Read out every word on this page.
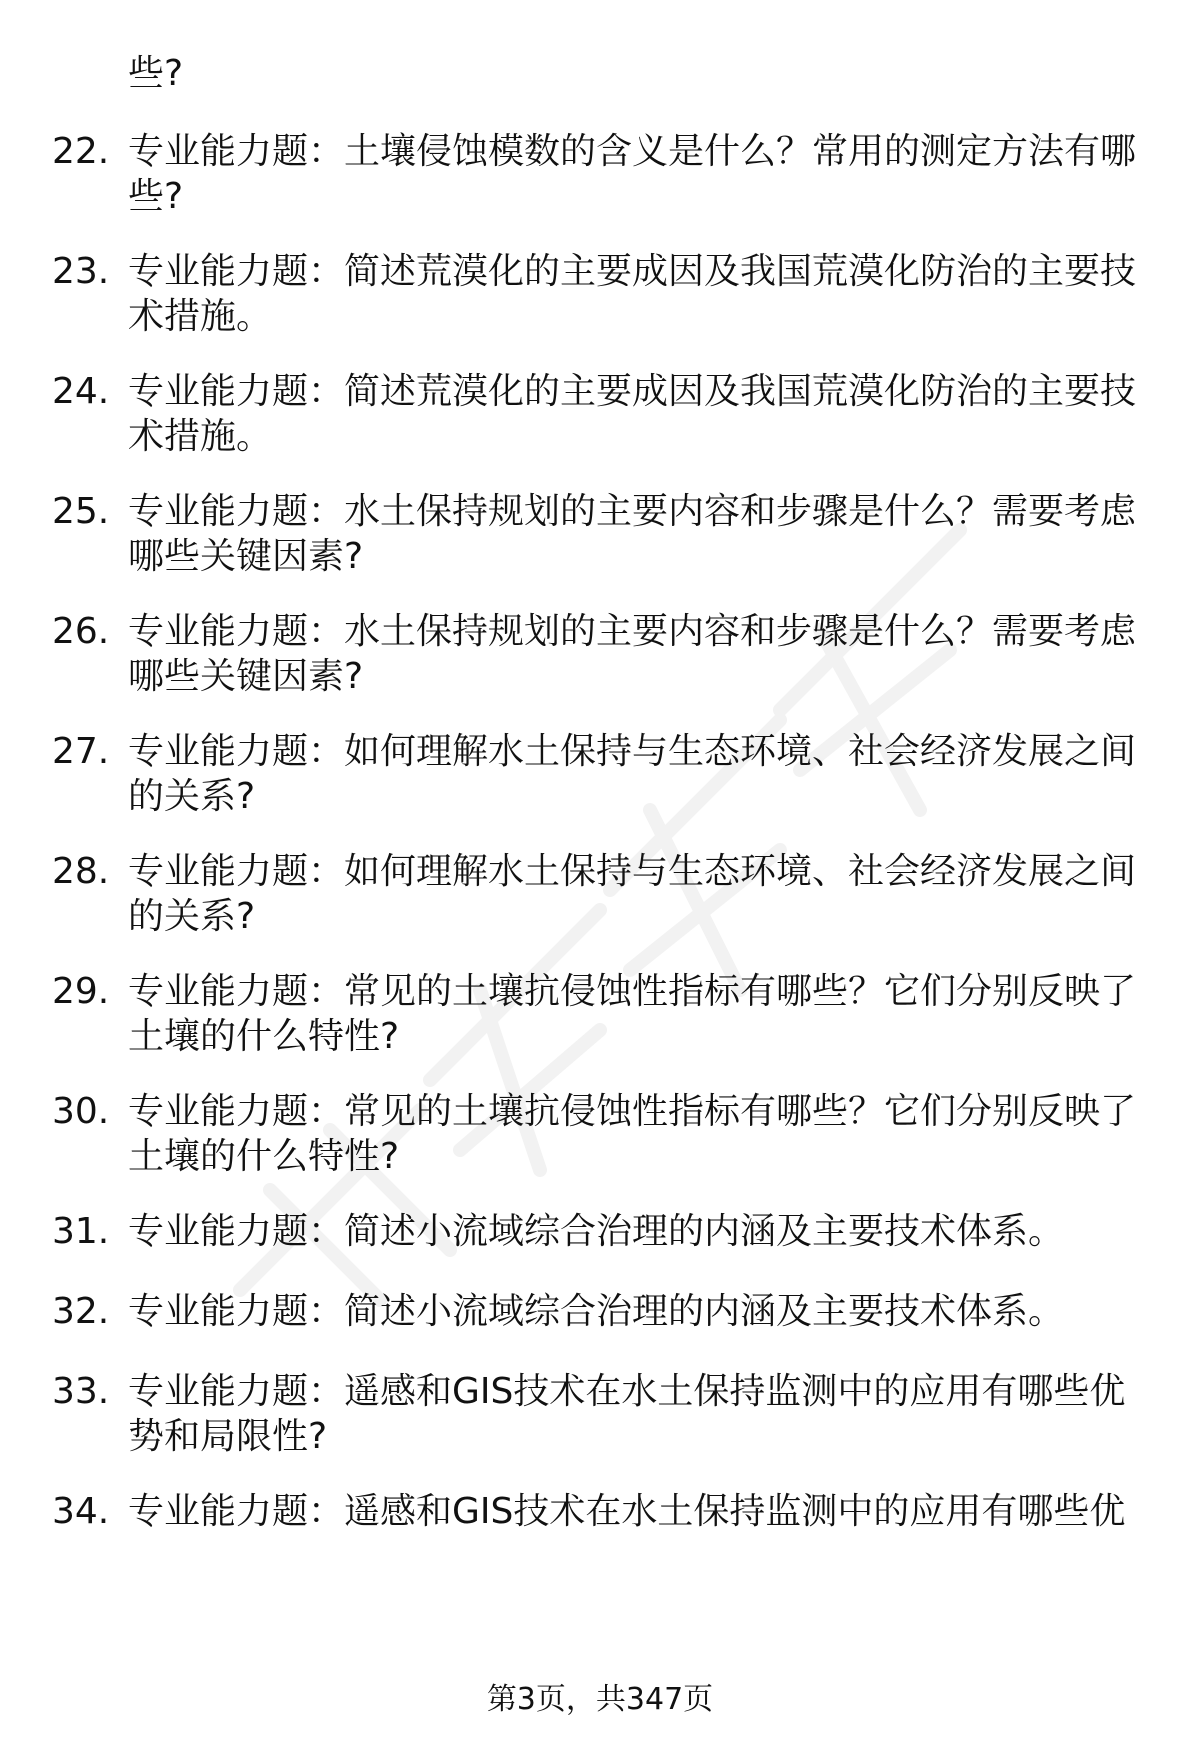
些?
22. 专业能力题：土壤侵蚀模数的含义是什么？常用的测定方法有哪
些?
23. 专业能力题：简述荒漠化的主要成因及我国荒漠化防治的主要技
术措施。
24. 专业能力题：简述荒漠化的主要成因及我国荒漠化防治的主要技
术措施。
25. 专业能力题：水土保持规划的主要内容和步骤是什么？需要考虑
哪些关键因素?
26. 专业能力题：水土保持规划的主要内容和步骤是什么？需要考虑
哪些关键因素?
27. 专业能力题：如何理解水土保持与生态环境、社会经济发展之间
的关系?
28. 专业能力题：如何理解水土保持与生态环境、社会经济发展之间
的关系?
29. 专业能力题：常见的土壤抗侵蚀性指标有哪些？它们分别反映了
土壤的什么特性?
30. 专业能力题：常见的土壤抗侵蚀性指标有哪些？它们分别反映了
土壤的什么特性?
31. 专业能力题：简述小流域综合治理的内涵及主要技术体系。
32. 专业能力题：简述小流域综合治理的内涵及主要技术体系。
33. 专业能力题：遥感和GIS技术在水土保持监测中的应用有哪些优
势和局限性?
34. 专业能力题：遥感和GIS技术在水土保持监测中的应用有哪些优
第3页，共347页
